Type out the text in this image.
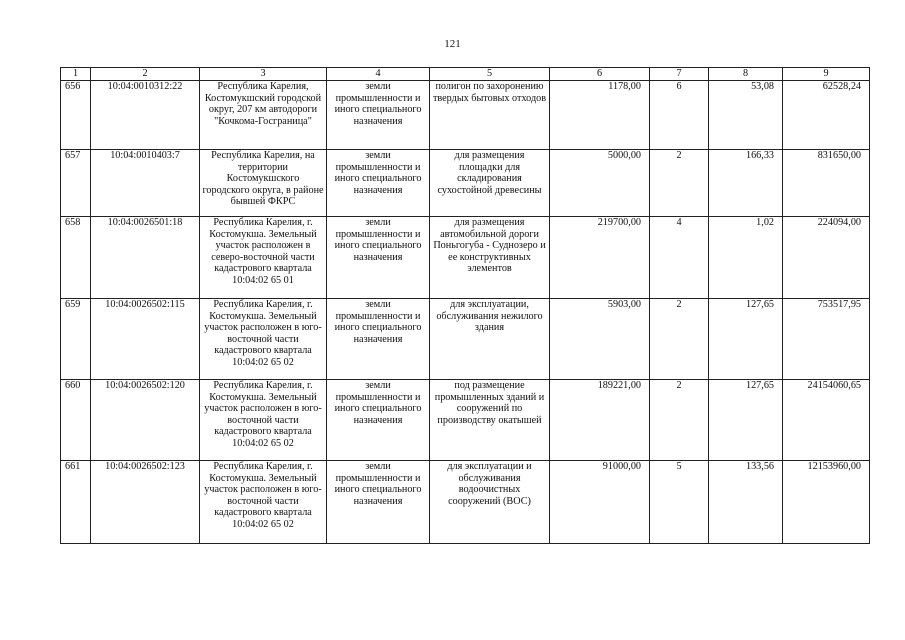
121
1	2	3	4	5	6	7	8	9
656	10:04:0010312:22	Республика Карелия, Костомукшский городской округ, 207 км автодороги "Кочкома-Госграница"	земли промышленности и иного специального назначения	полигон по захоронению твердых бытовых отходов	1178,00	6	53,08	62528,24
657	10:04:0010403:7	Республика Карелия, на территории Костомукшского городского округа, в районе бывшей ФКРС	земли промышленности и иного специального назначения	для размещения площадки для складирования сухостойной древесины	5000,00	2	166,33	831650,00
658	10:04:0026501:18	Республика Карелия, г. Костомукша. Земельный участок расположен в северо-восточной части кадастрового квартала 10:04:02 65 01	земли промышленности и иного специального назначения	для размещения автомобильной дороги Поньгогуба - Суднозеро и ее конструктивных элементов	219700,00	4	1,02	224094,00
659	10:04:0026502:115	Республика Карелия, г. Костомукша. Земельный участок расположен в юго-восточной части кадастрового квартала 10:04:02 65 02	земли промышленности и иного специального назначения	для эксплуатации, обслуживания нежилого здания	5903,00	2	127,65	753517,95
660	10:04:0026502:120	Республика Карелия, г. Костомукша. Земельный участок расположен в юго-восточной части кадастрового квартала 10:04:02 65 02	земли промышленности и иного специального назначения	под размещение промышленных зданий и сооружений по производству окатышей	189221,00	2	127,65	24154060,65
661	10:04:0026502:123	Республика Карелия, г. Костомукша. Земельный участок расположен в юго-восточной части кадастрового квартала 10:04:02 65 02	земли промышленности и иного специального назначения	для эксплуатации и обслуживания водоочистных сооружений (ВОС)	91000,00	5	133,56	12153960,00
